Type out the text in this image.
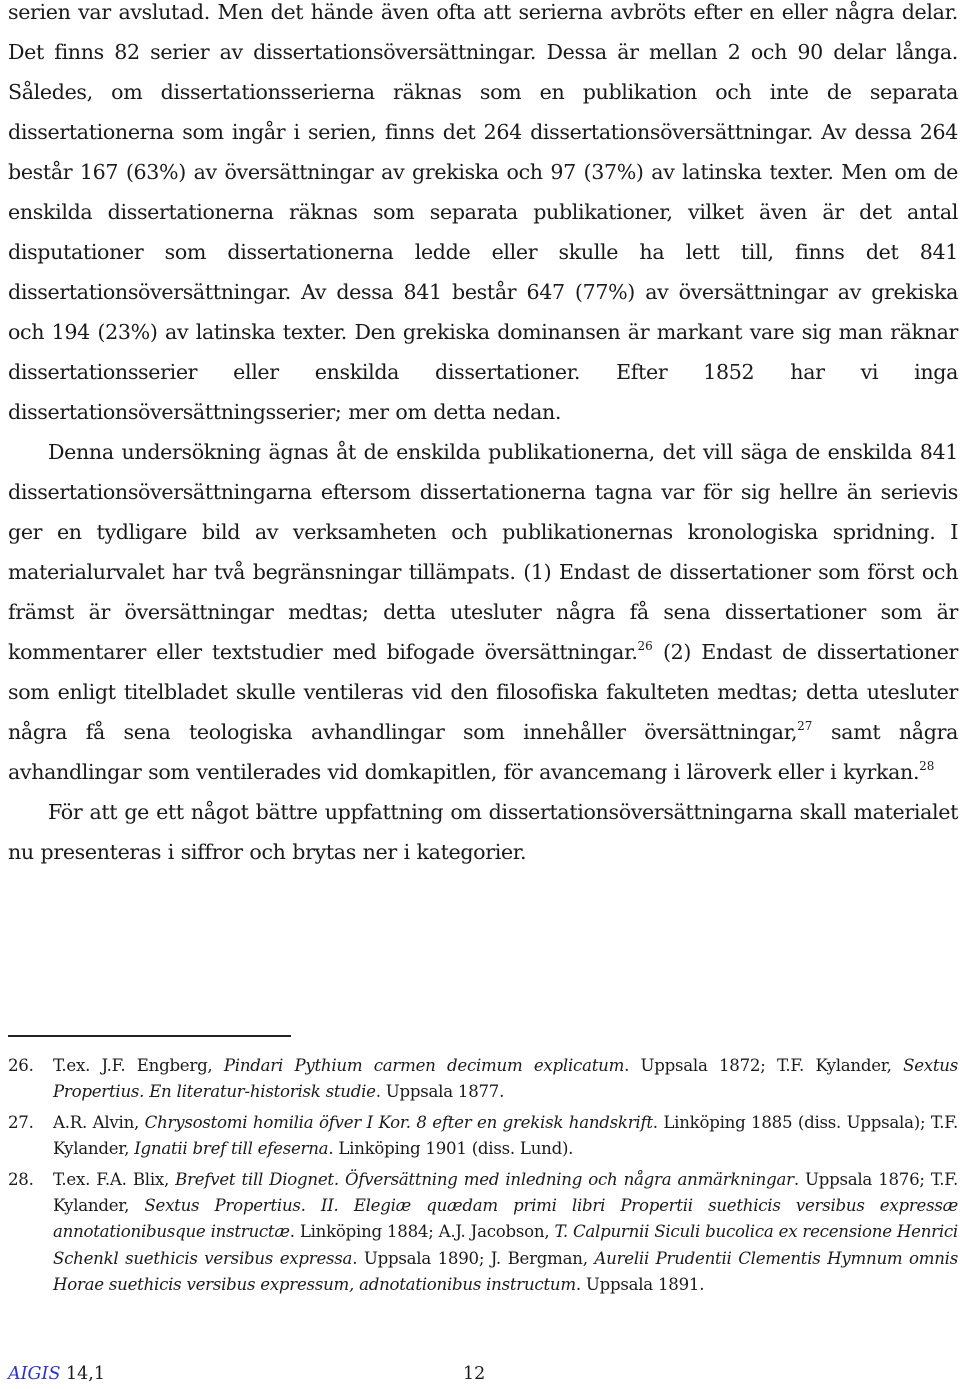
serien var avslutad. Men det hände även ofta att serierna avbröts efter en eller några delar. Det finns 82 serier av dissertationsöversättningar. Dessa är mellan 2 och 90 delar långa. Således, om dissertationsserierna räknas som en publikation och inte de separata dissertationerna som ingår i serien, finns det 264 dissertationsöversättningar. Av dessa 264 består 167 (63%) av översättningar av grekiska och 97 (37%) av latinska texter. Men om de enskilda dissertationerna räknas som separata publikationer, vilket även är det antal disputationer som dissertationerna ledde eller skulle ha lett till, finns det 841 dissertationsöversättningar. Av dessa 841 består 647 (77%) av översättningar av grekiska och 194 (23%) av latinska texter. Den grekiska dominansen är markant vare sig man räknar dissertationsserier eller enskilda dissertationer. Efter 1852 har vi inga dissertationsöversättningsserier; mer om detta nedan.

Denna undersökning ägnas åt de enskilda publikationerna, det vill säga de enskilda 841 dissertationsöversättningarna eftersom dissertationerna tagna var för sig hellre än serievis ger en tydligare bild av verksamheten och publikationernas kronologiska spridning. I materialurvalet har två begränsningar tillämpats. (1) Endast de dissertationer som först och främst är översättningar medtas; detta utesluter några få sena dissertationer som är kommentarer eller textstudier med bifogade översättningar.$^{26}$ (2) Endast de dissertationer som enligt titelbladet skulle ventileras vid den filosofiska fakulteten medtas; detta utesluter några få sena teologiska avhandlingar som innehåller översättningar,$^{27}$ samt några avhandlingar som ventilerades vid domkapitlen, för avancemang i läroverk eller i kyrkan.$^{28}$

För att ge ett något bättre uppfattning om dissertationsöversättningarna skall materialet nu presenteras i siffror och brytas ner i kategorier.

26. T.ex. J.F. Engberg, Pindari Pythium carmen decimum explicatum. Uppsala 1872; T.F. Kylander, Sextus Propertius. En literatur-historisk studie. Uppsala 1877.
27. A.R. Alvin, Chrysostomi homilia öfver I Kor. 8 efter en grekisk handskrift. Linköping 1885 (diss. Uppsala); T.F. Kylander, Ignatii bref till efeserna. Linköping 1901 (diss. Lund).
28. T.ex. F.A. Blix, Brefvet till Diognet. Öfversättning med inledning och några anmärkningar. Uppsala 1876; T.F. Kylander, Sextus Propertius. II. Elegiæ quædam primi libri Propertii suethicis versibus expressæ annotationibusque instructæ. Linköping 1884; A.J. Jacobson, T. Calpurnii Siculi bucolica ex recensione Henrici Schenkl suethicis versibus expressa. Uppsala 1890; J. Bergman, Aurelii Prudentii Clementis Hymnum omnis Horae suethicis versibus expressum, adnotationibus instructum. Uppsala 1891.
AIGIS 14,1	12
